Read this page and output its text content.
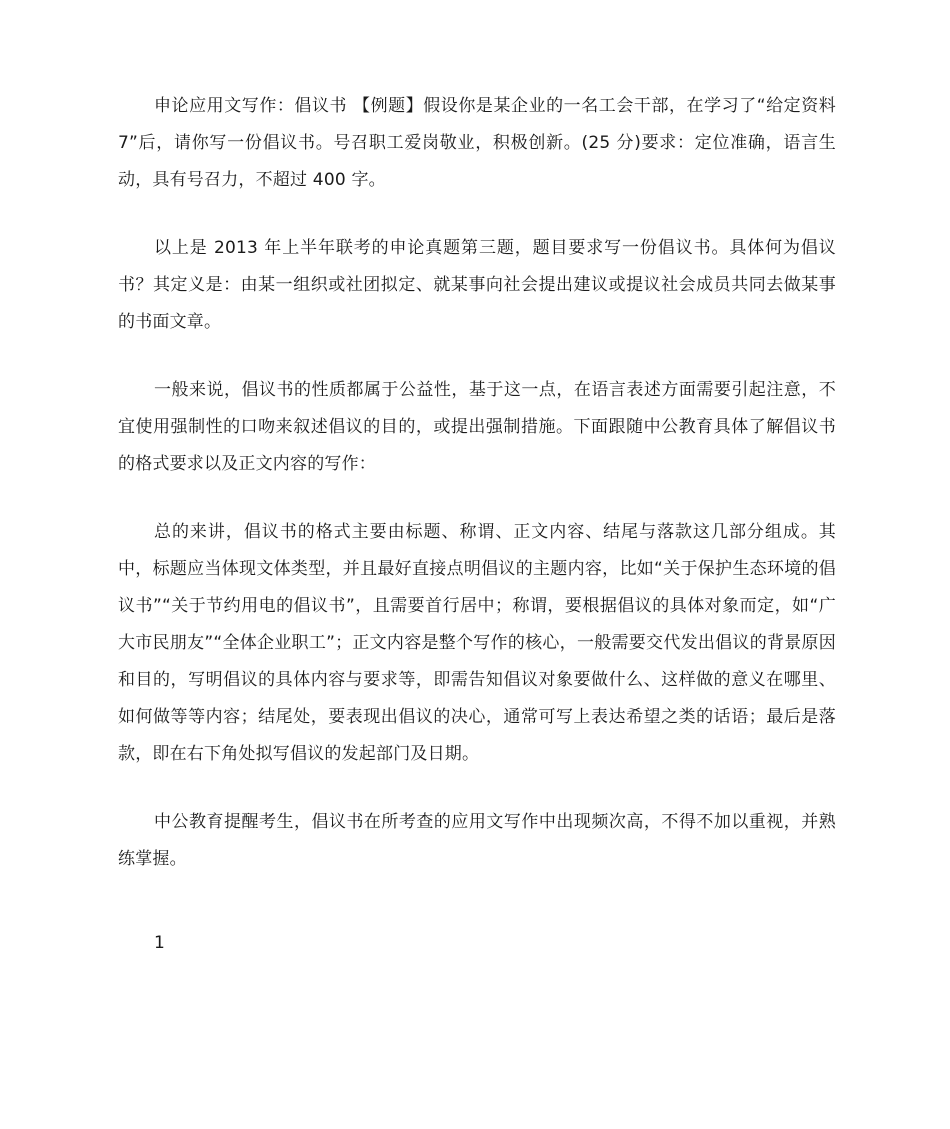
申论应用文写作：倡议书 【例题】假设你是某企业的一名工会干部，在学习了“给定资料 7”后，请你写一份倡议书。号召职工爱岗敬业，积极创新。(25 分)要求：定位准确，语言生动，具有号召力，不超过 400 字。

以上是 2013 年上半年联考的申论真题第三题，题目要求写一份倡议书。具体何为倡议书？其定义是：由某一组织或社团拟定、就某事向社会提出建议或提议社会成员共同去做某事的书面文章。

一般来说，倡议书的性质都属于公益性，基于这一点，在语言表述方面需要引起注意，不宜使用强制性的口吻来叙述倡议的目的，或提出强制措施。下面跟随中公教育具体了解倡议书的格式要求以及正文内容的写作：

总的来讲，倡议书的格式主要由标题、称谓、正文内容、结尾与落款这几部分组成。其中，标题应当体现文体类型，并且最好直接点明倡议的主题内容，比如“关于保护生态环境的倡议书”“关于节约用电的倡议书”，且需要首行居中；称谓，要根据倡议的具体对象而定，如“广大市民朋友”“全体企业职工”；正文内容是整个写作的核心，一般需要交代发出倡议的背景原因和目的，写明倡议的具体内容与要求等，即需告知倡议对象要做什么、这样做的意义在哪里、如何做等等内容；结尾处，要表现出倡议的决心，通常可写上表达希望之类的话语；最后是落款，即在右下角处拟写倡议的发起部门及日期。

中公教育提醒考生，倡议书在所考查的应用文写作中出现频次高，不得不加以重视，并熟练掌握。

1
